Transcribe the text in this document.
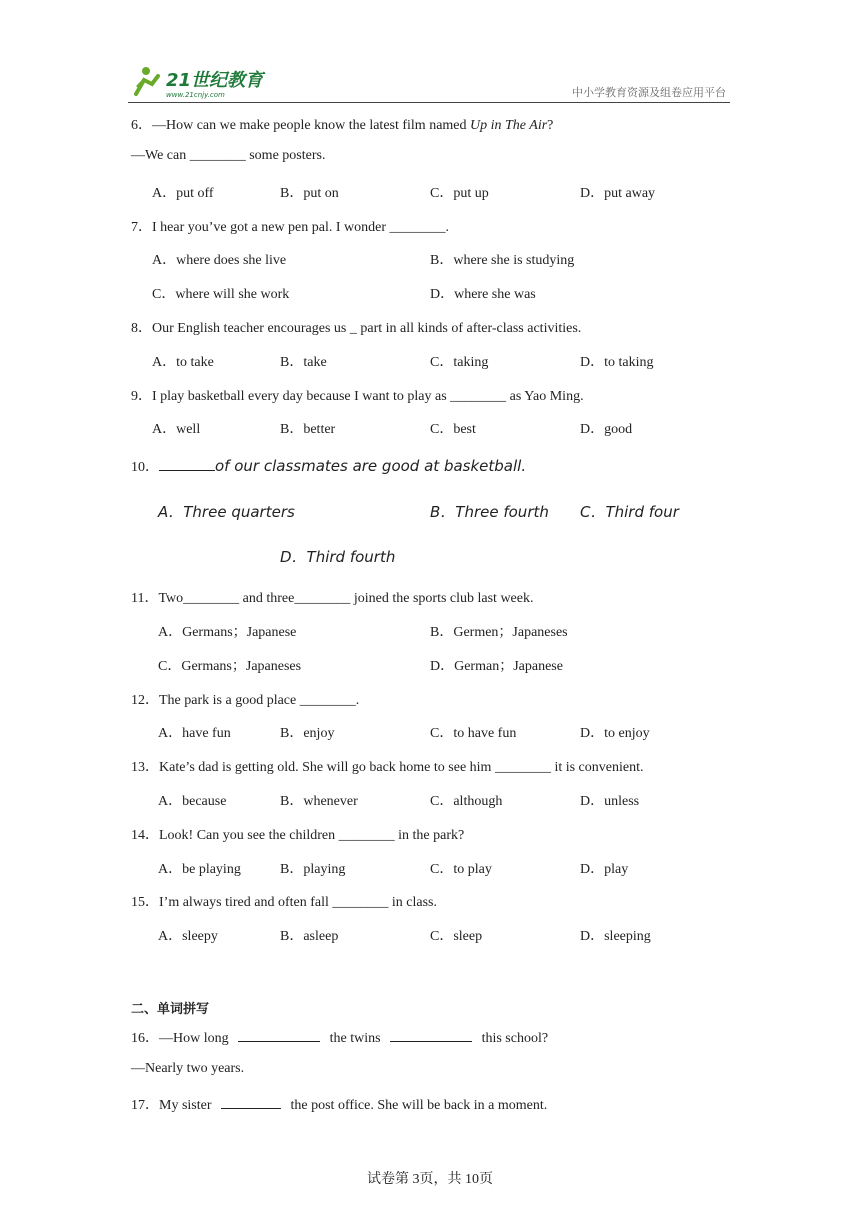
21世纪教育
www.21cnjy.com	中小学教育资源及组卷应用平台
6．—How can we make people know the latest film named Up in The Air?
—We can ________ some posters.
A．put off	B．put on	C．put up	D．put away
7．I hear you’ve got a new pen pal. I wonder ________.
A．where does she live	B．where she is studying
C．where will she work	D．where she was
8．Our English teacher encourages us _ part in all kinds of after-class activities.
A．to take	B．take	C．taking	D．to taking
9．I play basketball every day because I want to play as ________ as Yao Ming.
A．well	B．better	C．best	D．good
10．	of our classmates are good at basketball.
A．Three quarters	B．Three fourth C．Third four
D．Third fourth
11．Two________ and three________ joined the sports club last week.
A．Germans；Japanese	B．Germen；Japaneses
C．Germans；Japaneses	D．German；Japanese
12．The park is a good place ________.
A．have fun	B．enjoy	C．to have fun	D．to enjoy
13．Kate’s dad is getting old. She will go back home to see him ________ it is convenient.
A．because	B．whenever	C．although	D．unless
14．Look! Can you see the children ________ in the park?
A．be playing	B．playing	C．to play	D．play
15．I’m always tired and often fall ________ in class.
A．sleepy	B．asleep	C．sleep	D．sleeping
二、单词拼写
16．—How long	the twins	this school?
—Nearly two years.
17．My sister	the post office. She will be back in a moment.
试卷第 3页，共 10页
